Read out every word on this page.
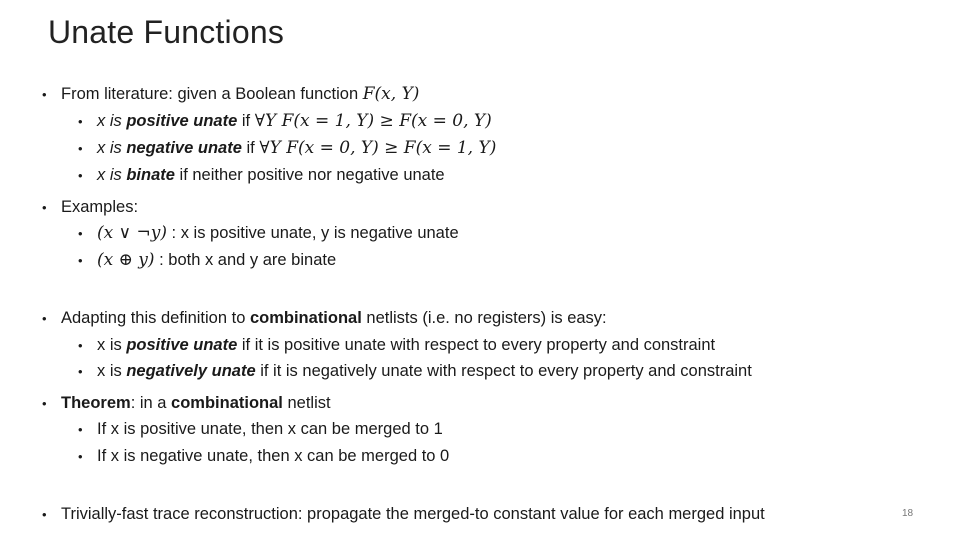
Unate Functions
• From literature: given a Boolean function F(x, Y)
• x is positive unate if ∀Y F(x = 1, Y) ≥ F(x = 0, Y)
• x is negative unate if ∀Y F(x = 0, Y) ≥ F(x = 1, Y)
• x is binate if neither positive nor negative unate
• Examples:
• (x ∨ ¬y) : x is positive unate, y is negative unate
• (x ⊕ y) : both x and y are binate
• Adapting this definition to combinational netlists (i.e. no registers) is easy:
• x is positive unate if it is positive unate with respect to every property and constraint
• x is negatively unate if it is negatively unate with respect to every property and constraint
• Theorem: in a combinational netlist
• If x is positive unate, then x can be merged to 1
• If x is negative unate, then x can be merged to 0
• Trivially-fast trace reconstruction: propagate the merged-to constant value for each merged input	18
